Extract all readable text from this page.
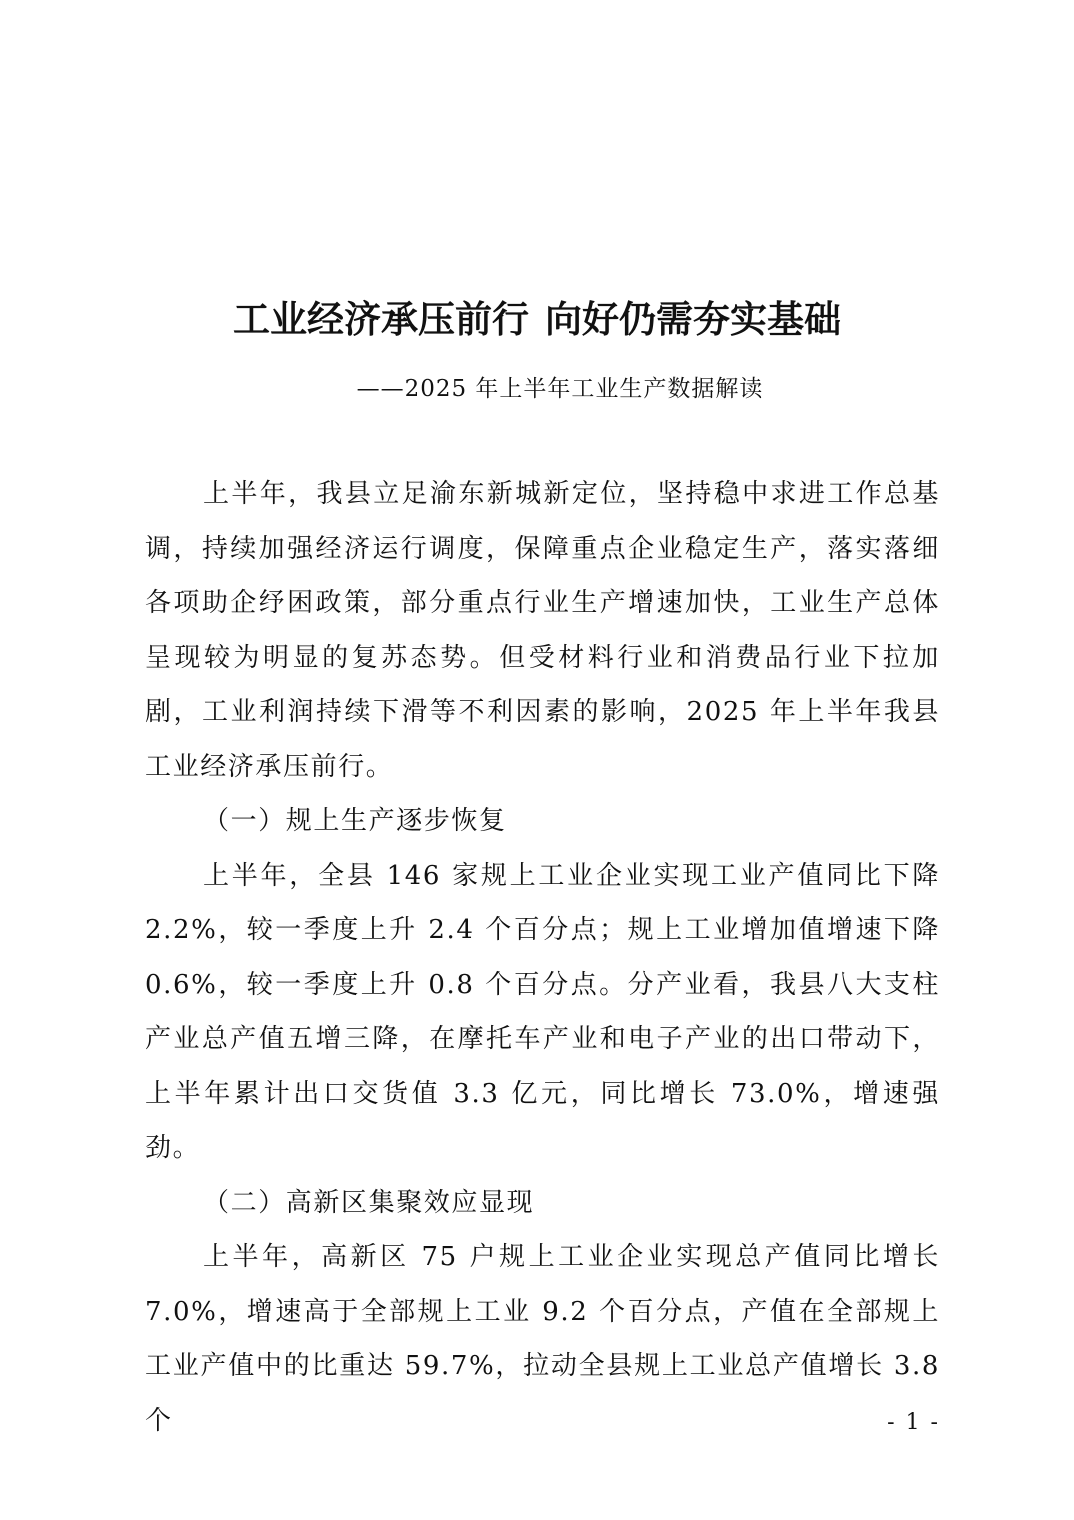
工业经济承压前行 向好仍需夯实基础

——2025 年上半年工业生产数据解读

上半年，我县立足渝东新城新定位，坚持稳中求进工作总基调，持续加强经济运行调度，保障重点企业稳定生产，落实落细各项助企纾困政策，部分重点行业生产增速加快，工业生产总体呈现较为明显的复苏态势。但受材料行业和消费品行业下拉加剧，工业利润持续下滑等不利因素的影响，2025 年上半年我县工业经济承压前行。

（一）规上生产逐步恢复

上半年，全县 146 家规上工业企业实现工业产值同比下降 2.2%，较一季度上升 2.4 个百分点；规上工业增加值增速下降 0.6%，较一季度上升 0.8 个百分点。分产业看，我县八大支柱产业总产值五增三降，在摩托车产业和电子产业的出口带动下，上半年累计出口交货值 3.3 亿元，同比增长 73.0%，增速强劲。

（二）高新区集聚效应显现

上半年，高新区 75 户规上工业企业实现总产值同比增长 7.0%，增速高于全部规上工业 9.2 个百分点，产值在全部规上工业产值中的比重达 59.7%，拉动全县规上工业总产值增长 3.8 个	- 1 -
